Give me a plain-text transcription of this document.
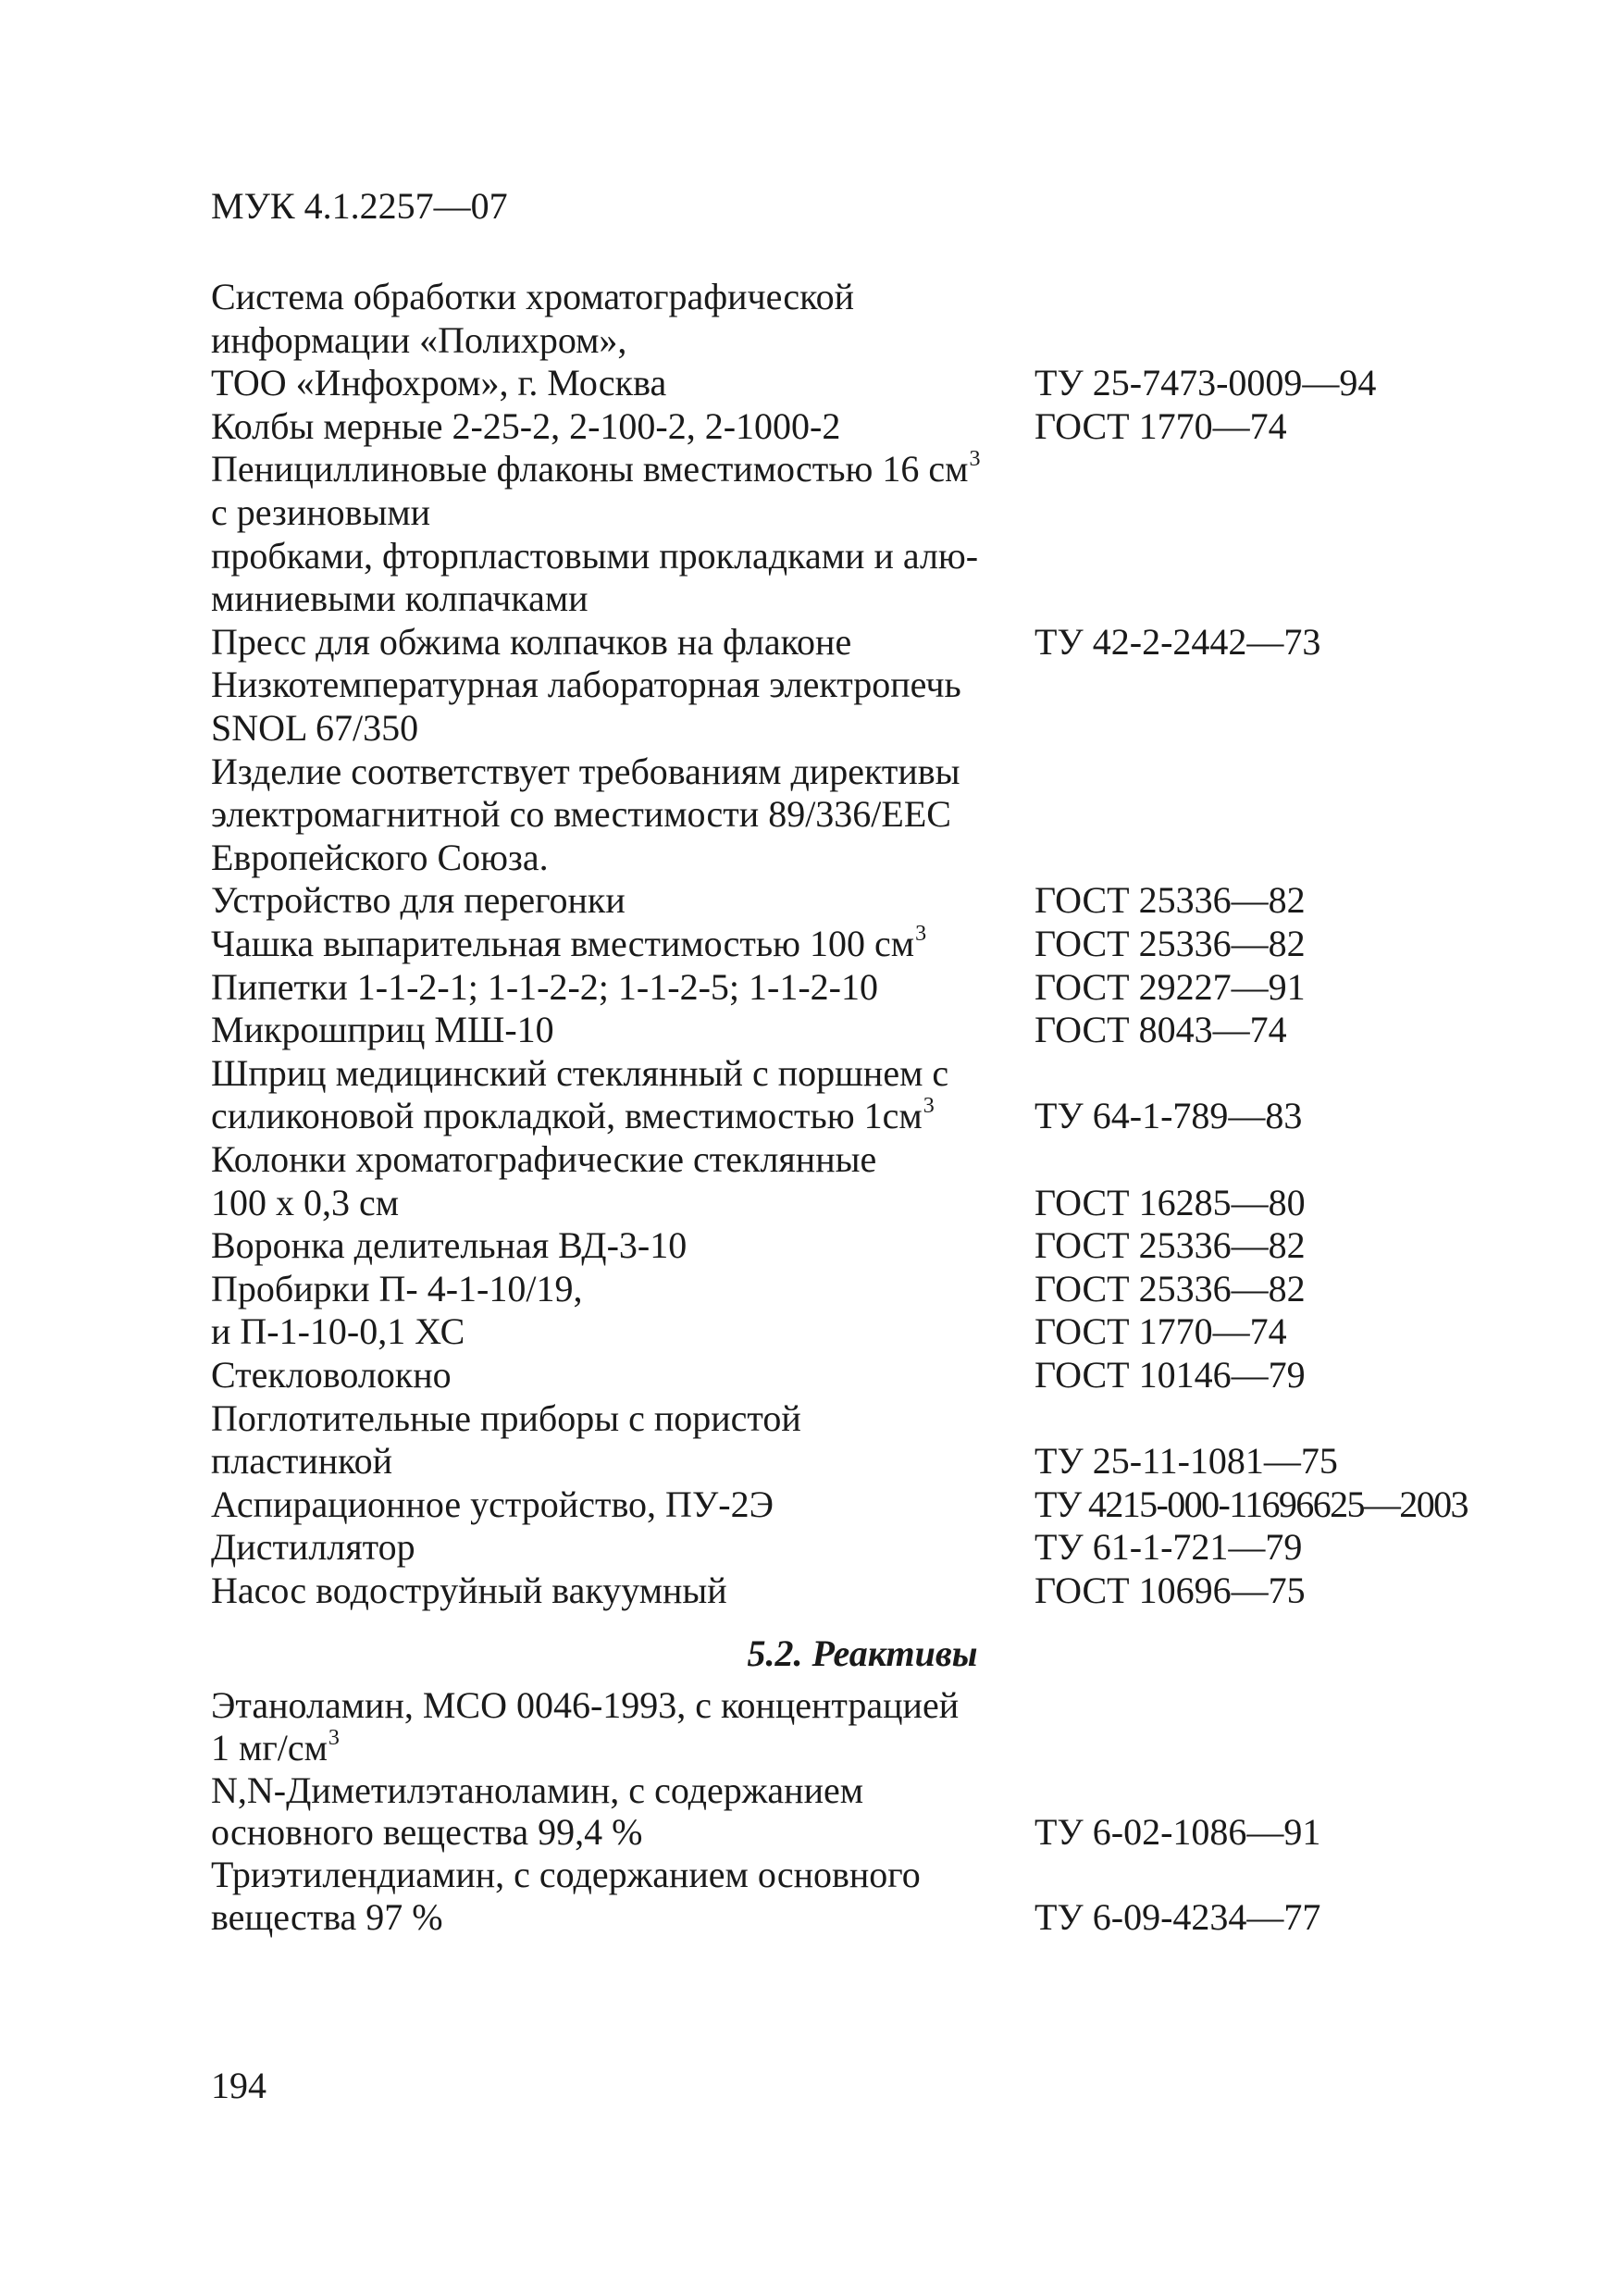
МУК 4.1.2257—07
Система обработки хроматографической
информации «Полихром»,
ТОО «Инфохром», г. Москва	ТУ 25-7473-0009—94
Колбы мерные 2-25-2, 2-100-2, 2-1000-2	ГОСТ 1770—74
Пенициллиновые флаконы вместимостью 16 $см^3$
с резиновыми
пробками, фторпластовыми прокладками и алю-
миниевыми колпачками
Пресс для обжима колпачков на флаконе	ТУ 42-2-2442—73
Низкотемпературная лабораторная электропечь
SNOL 67/350
Изделие соответствует требованиям директивы
электромагнитной со вместимости 89/336/ЕЕС
Европейского Союза.
Устройство для перегонки	ГОСТ 25336—82
Чашка выпарительная вместимостью 100 $см^3$	ГОСТ 25336—82
Пипетки 1-1-2-1; 1-1-2-2; 1-1-2-5; 1-1-2-10	ГОСТ 29227—91
Микрошприц МШ-10	ГОСТ 8043—74
Шприц медицинский стеклянный с поршнем с
силиконовой прокладкой, вместимостью $1см^3$	ТУ 64-1-789—83
Колонки хроматографические стеклянные
100 х 0,3 см	ГОСТ 16285—80
Воронка делительная ВД-3-10	ГОСТ 25336—82
Пробирки П- 4-1-10/19,	ГОСТ 25336—82
и П-1-10-0,1 ХС	ГОСТ 1770—74
Стекловолокно	ГОСТ 10146—79
Поглотительные приборы с пористой
пластинкой	ТУ 25-11-1081—75
Аспирационное устройство, ПУ-2Э	ТУ 4215-000-11696625—2003
Дистиллятор	ТУ 61-1-721—79
Насос водоструйный вакуумный	ГОСТ 10696—75
5.2. Реактивы
Этаноламин, МСО 0046-1993, с концентрацией
1 $мг/см^3$
N,N-Диметилэтаноламин, с содержанием
основного вещества 99,4 %	ТУ 6-02-1086—91
Триэтилендиамин, с содержанием основного
вещества 97 %	ТУ 6-09-4234—77
194
